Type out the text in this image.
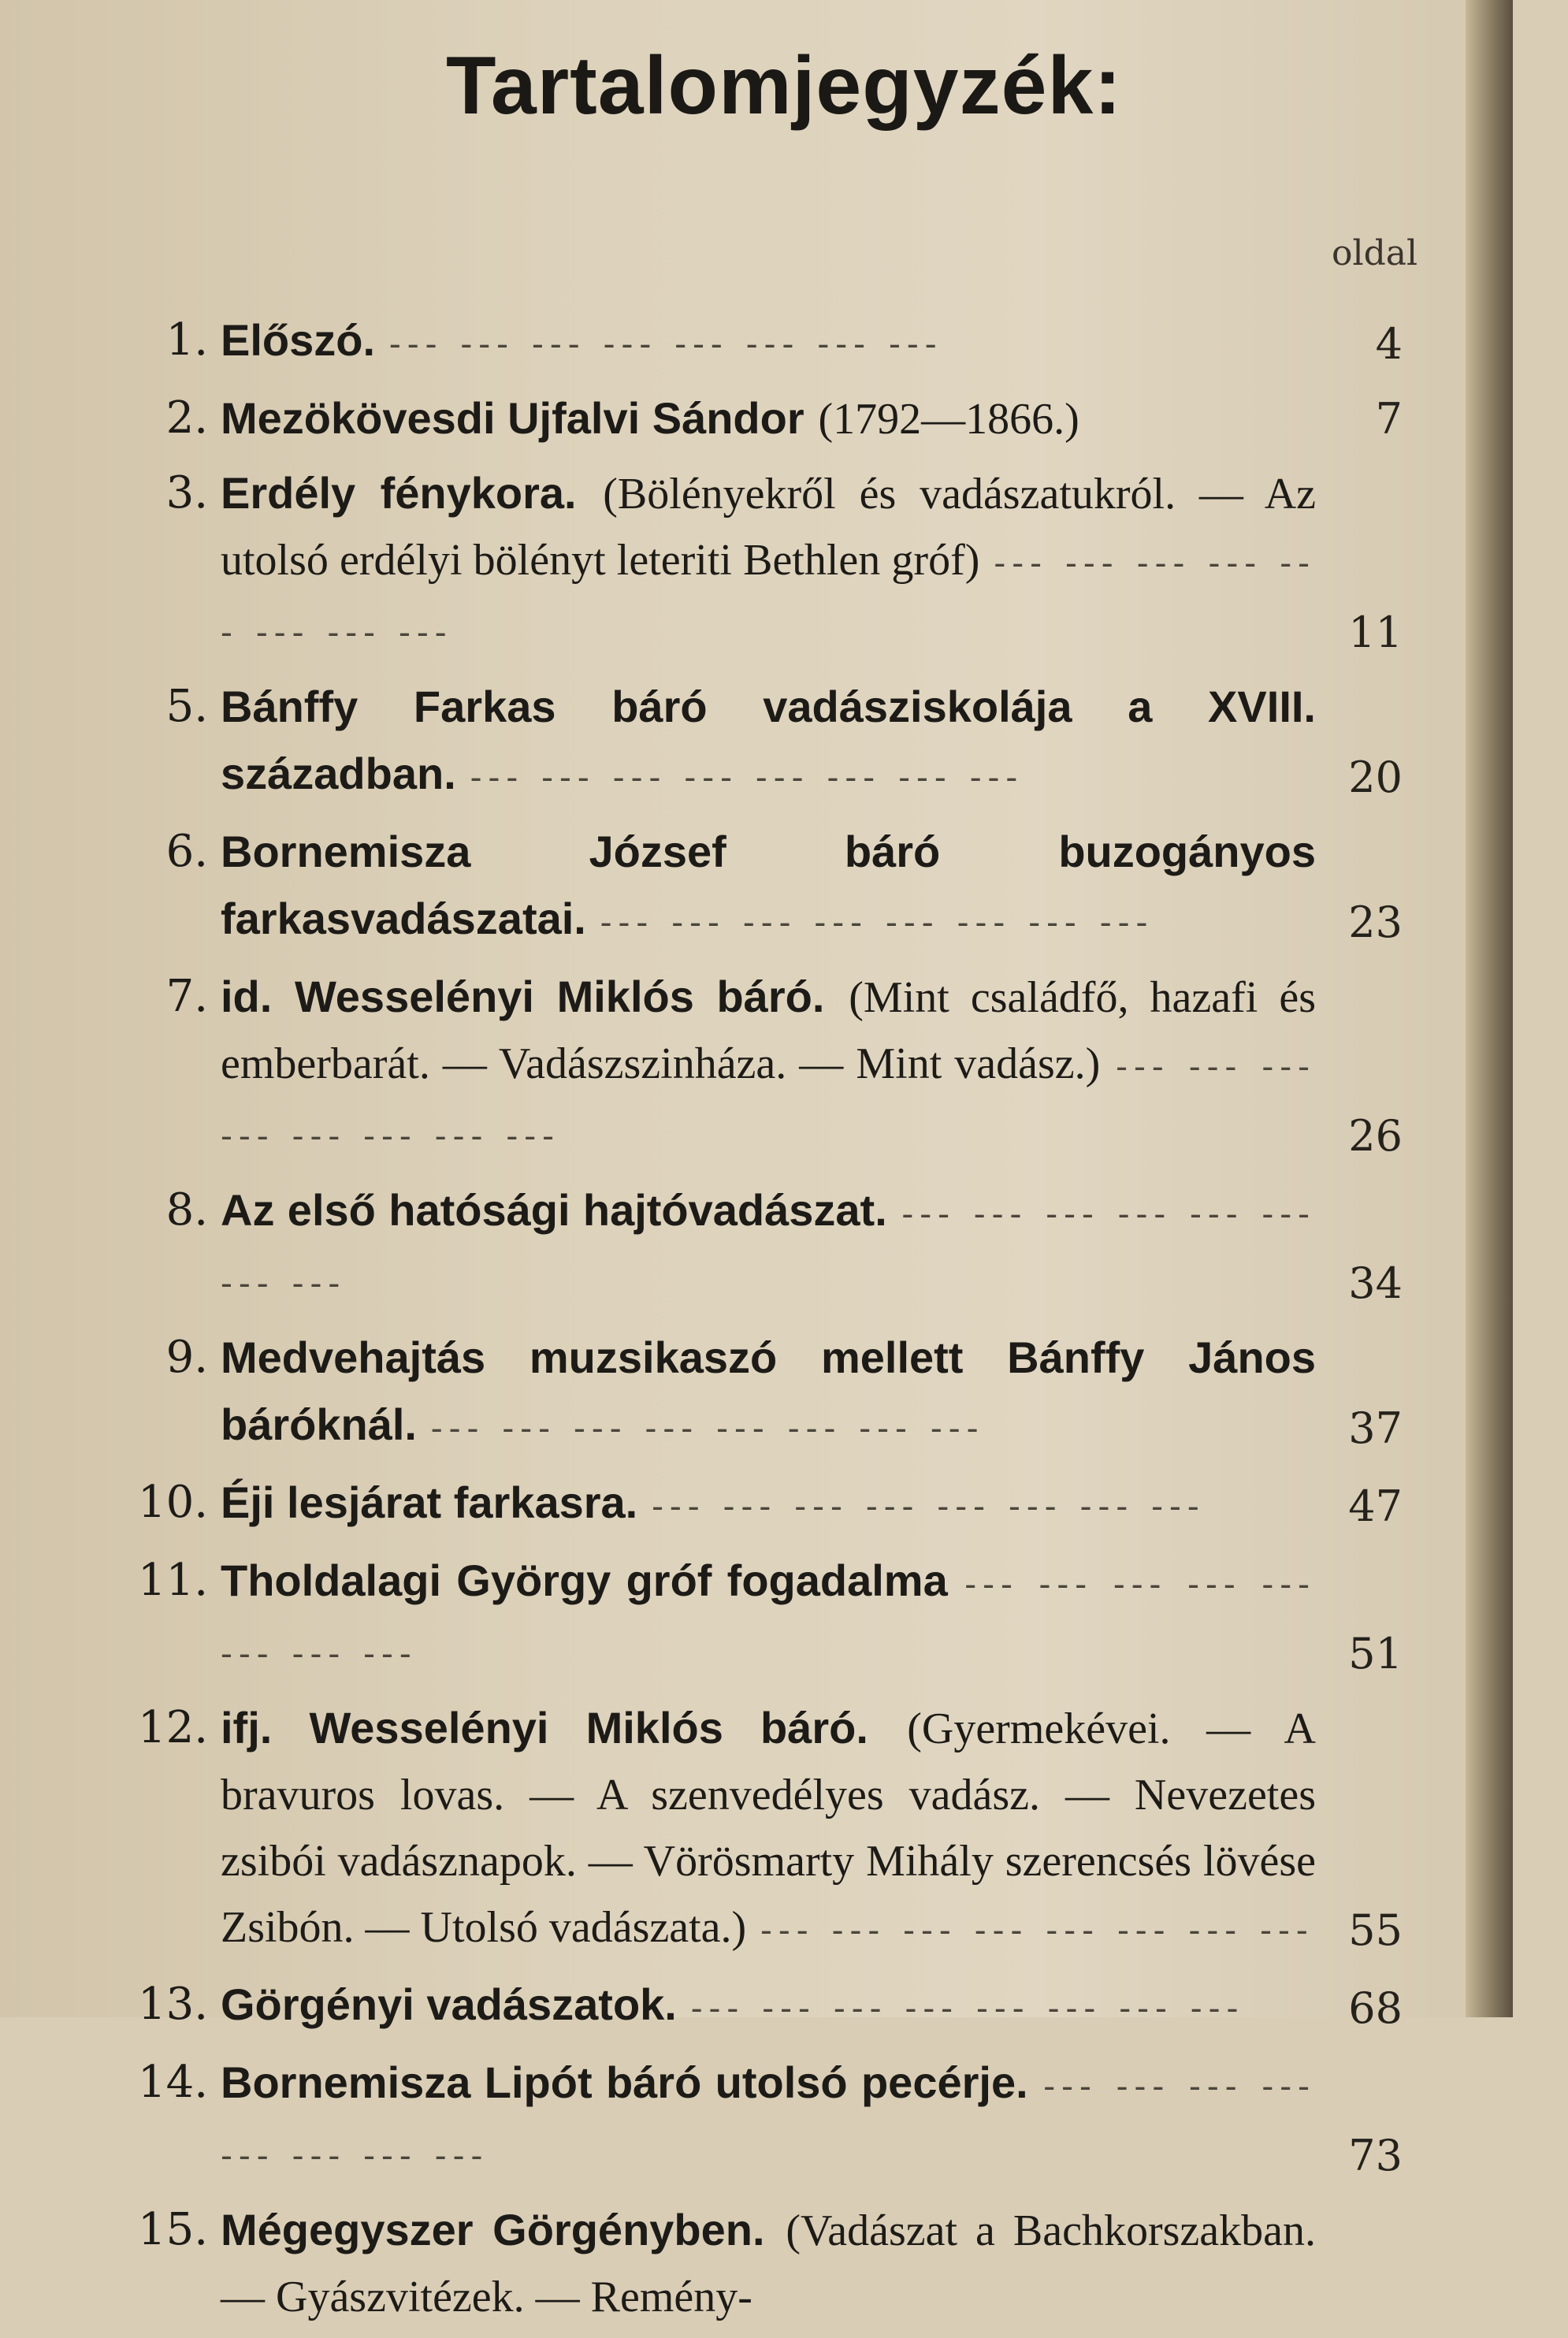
Tartalomjegyzék:
oldal
1. Előszó. --- --- --- --- --- --- --- ---	4
2. Mezökövesdi Ujfalvi Sándor (1792—1866.)	7
3. Erdély fénykora. (Bölényekről és vadászatukról. — Az utolsó erdélyi bölényt leteriti Bethlen gróf) --- --- --- --- --- --- --- ---	11
5. Bánffy Farkas báró vadásziskolája a XVIII. században. --- --- --- --- --- --- --- ---	20
6. Bornemisza József báró buzogányos farkasvadászatai. --- --- --- --- --- --- --- ---	23
7. id. Wesselényi Miklós báró. (Mint családfő, hazafi és emberbarát. — Vadászszinháza. — Mint vadász.) --- --- --- --- --- --- --- ---	26
8. Az első hatósági hajtóvadászat. --- --- --- --- --- --- --- ---	34
9. Medvehajtás muzsikaszó mellett Bánffy János báróknál. --- --- --- --- --- --- --- ---	37
10. Éji lesjárat farkasra. --- --- --- --- --- --- --- ---	47
11. Tholdalagi György gróf fogadalma --- --- --- --- --- --- --- ---	51
12. ifj. Wesselényi Miklós báró. (Gyermekévei. — A bravuros lovas. — A szenvedélyes vadász. — Nevezetes zsibói vadásznapok. — Vörösmarty Mihály szerencsés lövése Zsibón. — Utolsó vadászata.) --- --- --- --- --- --- --- --- 55
13. Görgényi vadászatok. --- --- --- --- --- --- --- ---	68
14. Bornemisza Lipót báró utolsó pecérje. --- --- --- --- --- --- --- ---	73
15. Mégegyszer Görgényben. (Vadászat a Bachkorszakban. — Gyászvitézek. — Remény-
